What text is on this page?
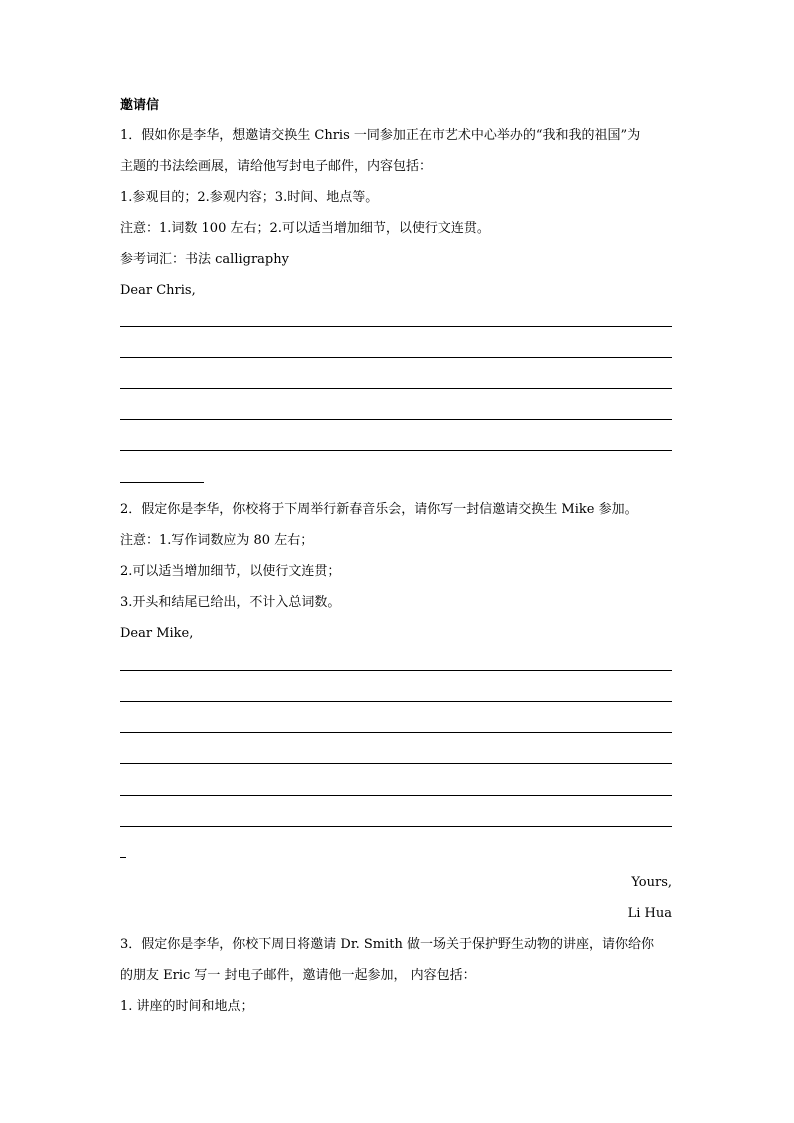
邀请信
1．假如你是李华，想邀请交换生 Chris 一同参加正在市艺术中心举办的“我和我的祖国”为
主题的书法绘画展，请给他写封电子邮件，内容包括：
1.参观目的；2.参观内容；3.时间、地点等。
注意：1.词数 100 左右；2.可以适当增加细节，以使行文连贯。
参考词汇：书法 calligraphy
Dear Chris,
2．假定你是李华，你校将于下周举行新春音乐会，请你写一封信邀请交换生 Mike 参加。
注意：1.写作词数应为 80 左右；
2.可以适当增加细节，以使行文连贯；
3.开头和结尾已给出，不计入总词数。
Dear Mike,
Yours,
Li Hua
3．假定你是李华，你校下周日将邀请 Dr. Smith 做一场关于保护野生动物的讲座，请你给你
的朋友 Eric 写一 封电子邮件，邀请他一起参加， 内容包括：
1. 讲座的时间和地点；
